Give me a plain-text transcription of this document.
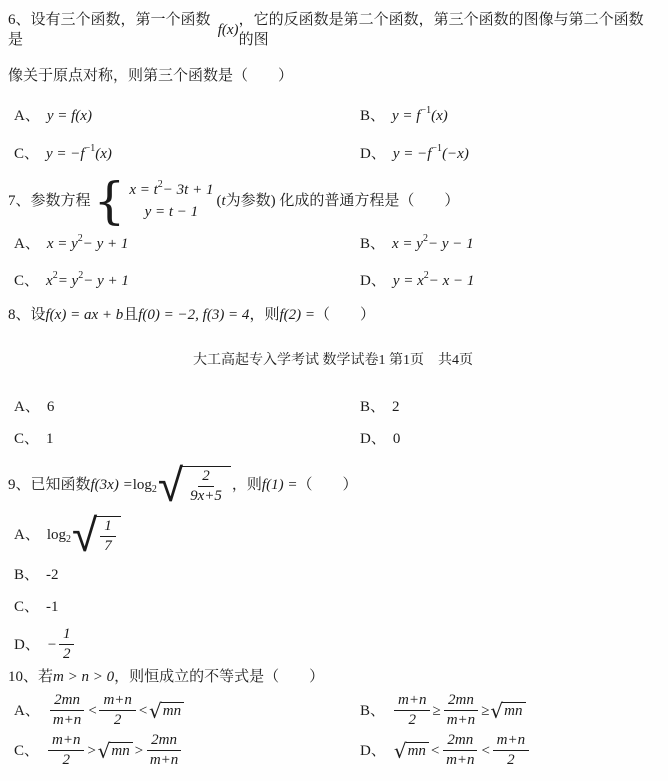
6、设有三个函数，第一个函数是
f(x)
，它的反函数是第二个函数，第三个函数的图像与第二个函数的图
像关于原点对称，则第三个函数是（　　）
A、 y = f(x)	B、 $y = f^{-1}$ (x)
C、 $y = -f^{-1}$ (x)	D、 $y = -f^{-1}$ (−x)
7、参数方程 { $x = t^2 - 3t + 1$
y = t − 1
( t 为参数) 化成的普通方程是（　　）
A、 $x = y^2 - y + 1$	B、 $x = y^2 - y - 1$
C、 $x^2 = y^2 - y + 1$	D、 $y = x^2 - x - 1$
8、设 f(x) = ax + b 且 f(0) = −2, f(3) = 4 ，则 f(2) = （　　）
大工高起专入学考试 数学试卷1 第1页　共4页
A、 6	B、 2
C、 1	D、 0
9、已知函数 f(3x) = log $_2$ √ $\frac{2}{9x+5}$ ，则 f(1) = （　　）
A、 log $_2$ √ $\frac{1}{7}$
B、 -2
C、 -1
D、 − $\frac{1}{2}$
10、若 m > n > 0 ，则恒成立的不等式是（　　）
A、 $\frac{2mn}{m+n} < \frac{m+n}{2}$ < √ mn	B、 $\frac{m+n}{2} \ge \frac{2mn}{m+n}$ ≥ √ mn
C、 $\frac{m+n}{2}$ > √ mn > $\frac{2mn}{m+n}$	D、 √ mn < $\frac{2mn}{m+n} < \frac{m+n}{2}$
